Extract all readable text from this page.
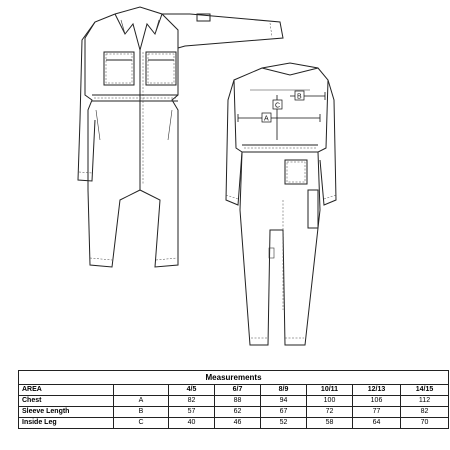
A
B
C
Measurements							
AREA		4/5	6/7	8/9	10/11	12/13	14/15
Chest	A	82	88	94	100	106	112
Sleeve Length	B	57	62	67	72	77	82
Inside Leg	C	40	46	52	58	64	70
